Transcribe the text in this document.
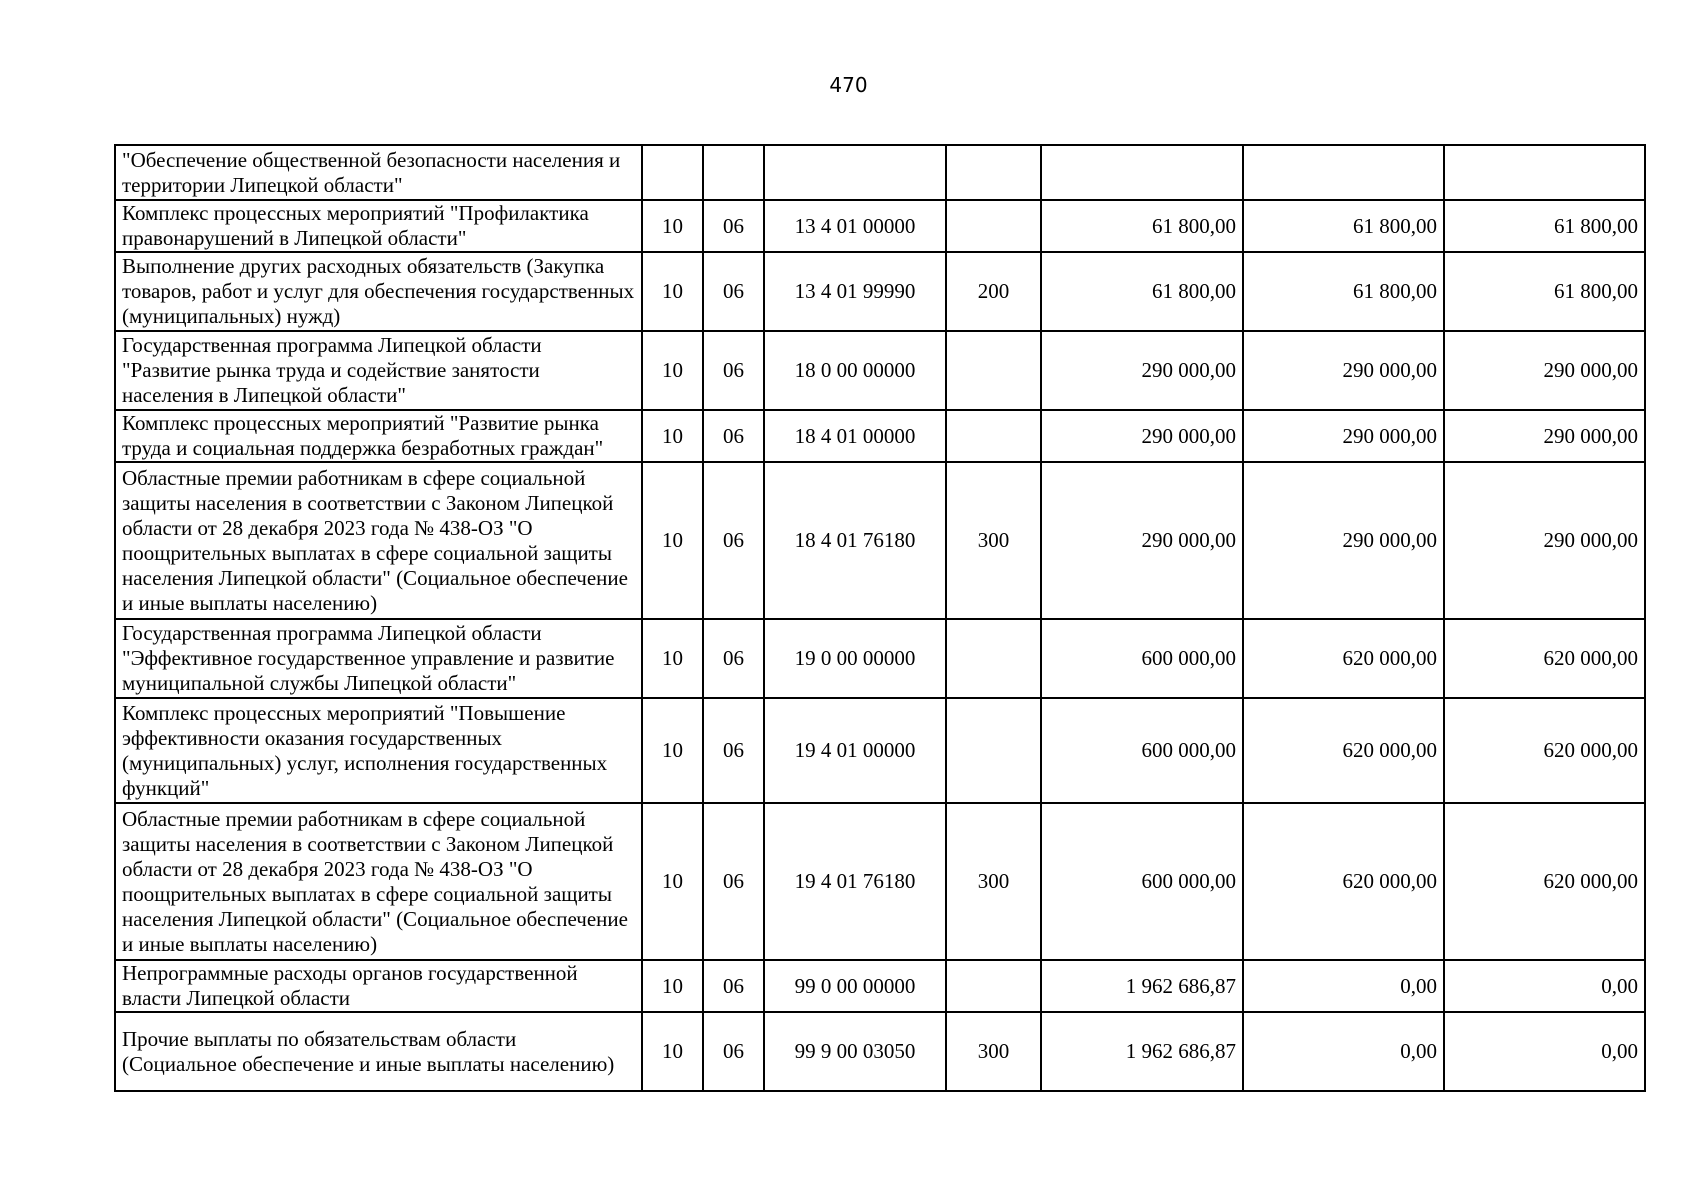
470
"Обеспечение общественной безопасности населения и территории Липецкой области"							
Комплекс процессных мероприятий "Профилактика правонарушений в Липецкой области"	10	06	13 4 01 00000		61 800,00	61 800,00	61 800,00
Выполнение других расходных обязательств (Закупка товаров, работ и услуг для обеспечения государственных (муниципальных) нужд)	10	06	13 4 01 99990	200	61 800,00	61 800,00	61 800,00
Государственная программа Липецкой области "Развитие рынка труда и содействие занятости населения в Липецкой области"	10	06	18 0 00 00000		290 000,00	290 000,00	290 000,00
Комплекс процессных мероприятий "Развитие рынка труда и социальная поддержка безработных граждан"	10	06	18 4 01 00000		290 000,00	290 000,00	290 000,00
Областные премии работникам в сфере социальной защиты населения в соответствии с Законом Липецкой области от 28 декабря 2023 года № 438-ОЗ "О поощрительных выплатах в сфере социальной защиты населения Липецкой области" (Социальное обеспечение и иные выплаты населению)	10	06	18 4 01 76180	300	290 000,00	290 000,00	290 000,00
Государственная программа Липецкой области "Эффективное государственное управление и развитие муниципальной службы Липецкой области"	10	06	19 0 00 00000		600 000,00	620 000,00	620 000,00
Комплекс процессных мероприятий "Повышение эффективности оказания государственных (муниципальных) услуг, исполнения государственных функций"	10	06	19 4 01 00000		600 000,00	620 000,00	620 000,00
Областные премии работникам в сфере социальной защиты населения в соответствии с Законом Липецкой области от 28 декабря 2023 года № 438-ОЗ "О поощрительных выплатах в сфере социальной защиты населения Липецкой области" (Социальное обеспечение и иные выплаты населению)	10	06	19 4 01 76180	300	600 000,00	620 000,00	620 000,00
Непрограммные расходы органов государственной власти Липецкой области	10	06	99 0 00 00000		1 962 686,87	0,00	0,00
Прочие выплаты по обязательствам области (Социальное обеспечение и иные выплаты населению)	10	06	99 9 00 03050	300	1 962 686,87	0,00	0,00
